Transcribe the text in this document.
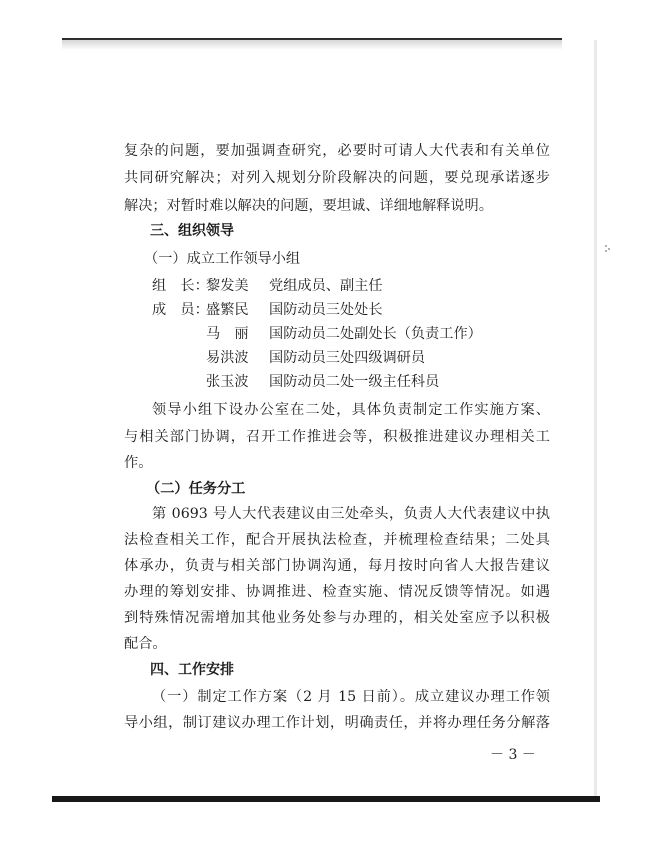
复杂的问题，要加强调查研究，必要时可请人大代表和有关单位
共同研究解决；对列入规划分阶段解决的问题，要兑现承诺逐步
解决；对暂时难以解决的问题，要坦诚、详细地解释说明。
三、组织领导
（一）成立工作领导小组
组　长：
黎发美 党组成员、副主任
成　员：
盛繁民 国防动员三处处长
马　丽 国防动员二处副处长（负责工作）
易洪波 国防动员三处四级调研员
张玉波 国防动员二处一级主任科员
领导小组下设办公室在二处，具体负责制定工作实施方案、
与相关部门协调，召开工作推进会等，积极推进建议办理相关工
作。
（二）任务分工
第 0693 号人大代表建议由三处牵头，负责人大代表建议中执
法检查相关工作，配合开展执法检查，并梳理检查结果；二处具
体承办，负责与相关部门协调沟通，每月按时向省人大报告建议
办理的筹划安排、协调推进、检查实施、情况反馈等情况。如遇
到特殊情况需增加其他业务处参与办理的，相关处室应予以积极
配合。
四、工作安排
（一）制定工作方案（2 月 15 日前）。成立建议办理工作领
导小组，制订建议办理工作计划，明确责任，并将办理任务分解落
－ 3 －
